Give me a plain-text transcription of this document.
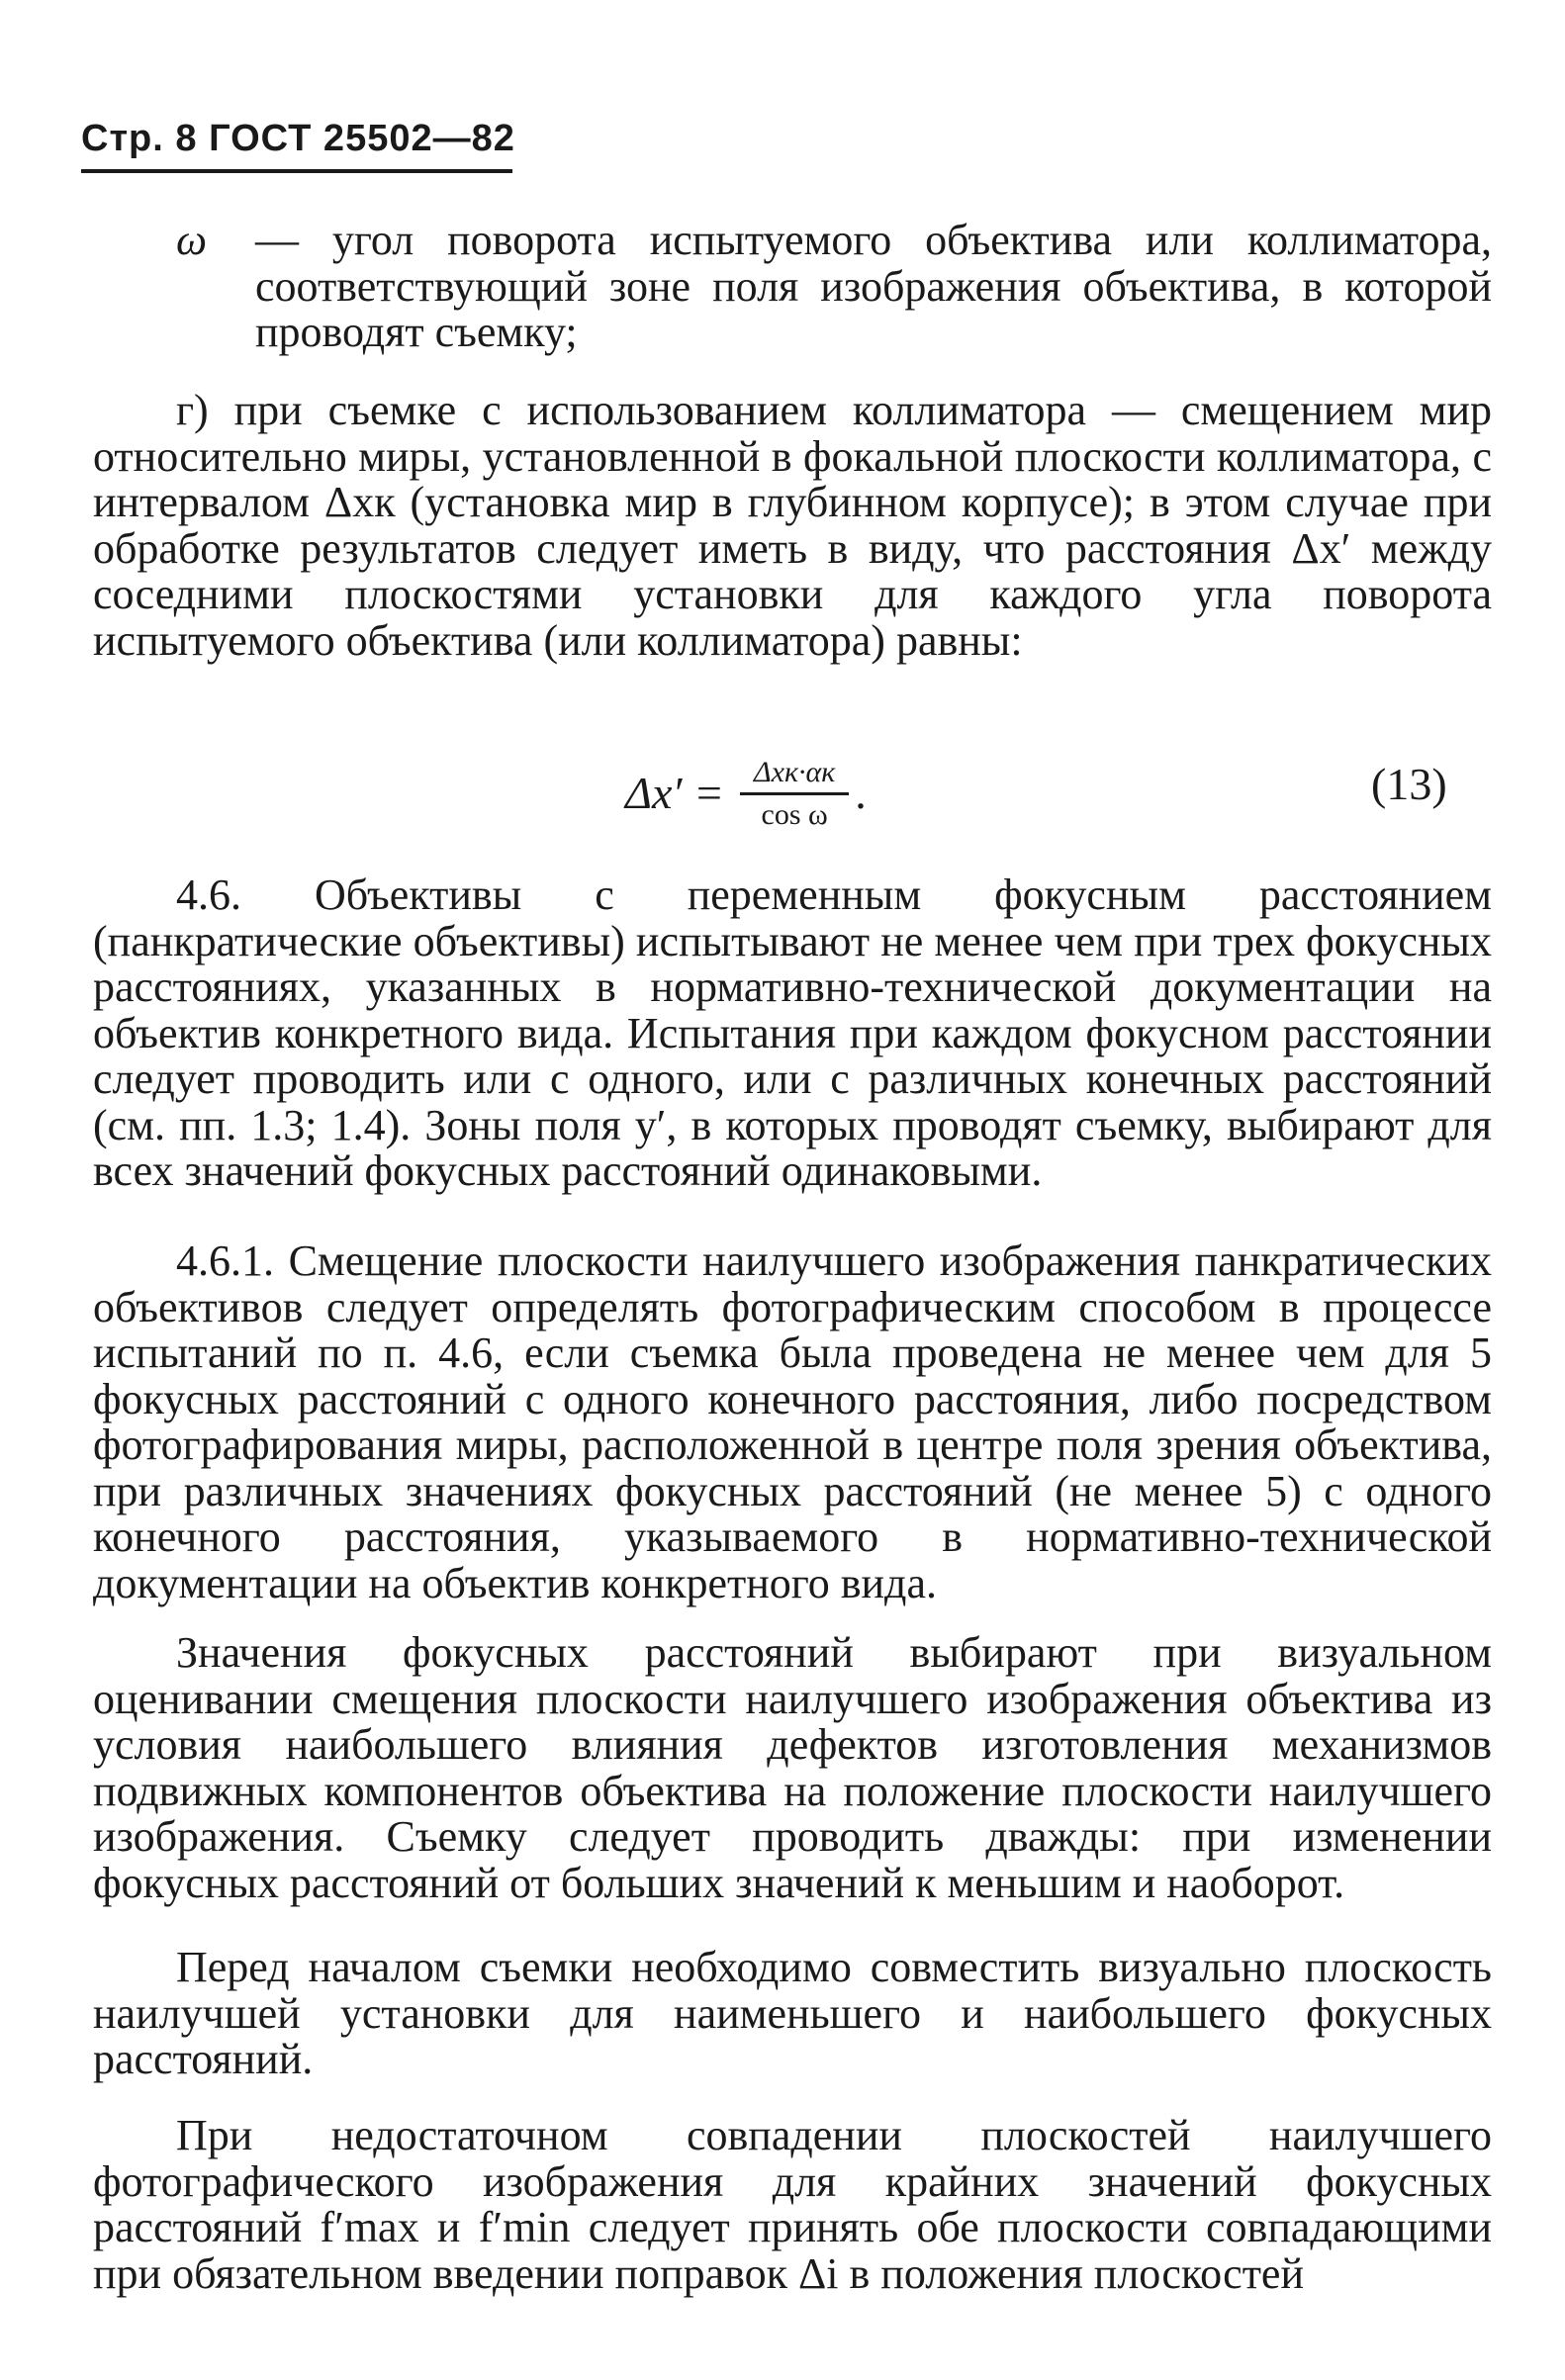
Стр. 8 ГОСТ 25502—82
ω	— угол поворота испытуемого объектива или коллиматора, соответствующий зоне поля изображения объектива, в которой проводят съемку;

г) при съемке с использованием коллиматора — смещением мир относительно миры, установленной в фокальной плоскости коллиматора, с интервалом Δxк (установка мир в глубинном корпусе); в этом случае при обработке результатов следует иметь в виду, что расстояния Δx′ между соседними плоскостями установки для каждого угла поворота испытуемого объектива (или коллиматора) равны:

$\Delta x' = \frac{\text{Δxк·αк}}{\text{cos ω}}$ .	(13)

4.6. Объективы с переменным фокусным расстоянием (панкратические объективы) испытывают не менее чем при трех фокусных расстояниях, указанных в нормативно-технической документации на объектив конкретного вида. Испытания при каждом фокусном расстоянии следует проводить или с одного, или с различных конечных расстояний (см. пп. 1.3; 1.4). Зоны поля y′, в которых проводят съемку, выбирают для всех значений фокусных расстояний одинаковыми.

4.6.1. Смещение плоскости наилучшего изображения панкратических объективов следует определять фотографическим способом в процессе испытаний по п. 4.6, если съемка была проведена не менее чем для 5 фокусных расстояний с одного конечного расстояния, либо посредством фотографирования миры, расположенной в центре поля зрения объектива, при различных значениях фокусных расстояний (не менее 5) с одного конечного расстояния, указываемого в нормативно-технической документации на объектив конкретного вида.

Значения фокусных расстояний выбирают при визуальном оценивании смещения плоскости наилучшего изображения объектива из условия наибольшего влияния дефектов изготовления механизмов подвижных компонентов объектива на положение плоскости наилучшего изображения. Съемку следует проводить дважды: при изменении фокусных расстояний от больших значений к меньшим и наоборот.

Перед началом съемки необходимо совместить визуально плоскость наилучшей установки для наименьшего и наибольшего фокусных расстояний.

При недостаточном совпадении плоскостей наилучшего фотографического изображения для крайних значений фокусных расстояний f′max и f′min следует принять обе плоскости совпадающими при обязательном введении поправок Δi в положения плоскостей
